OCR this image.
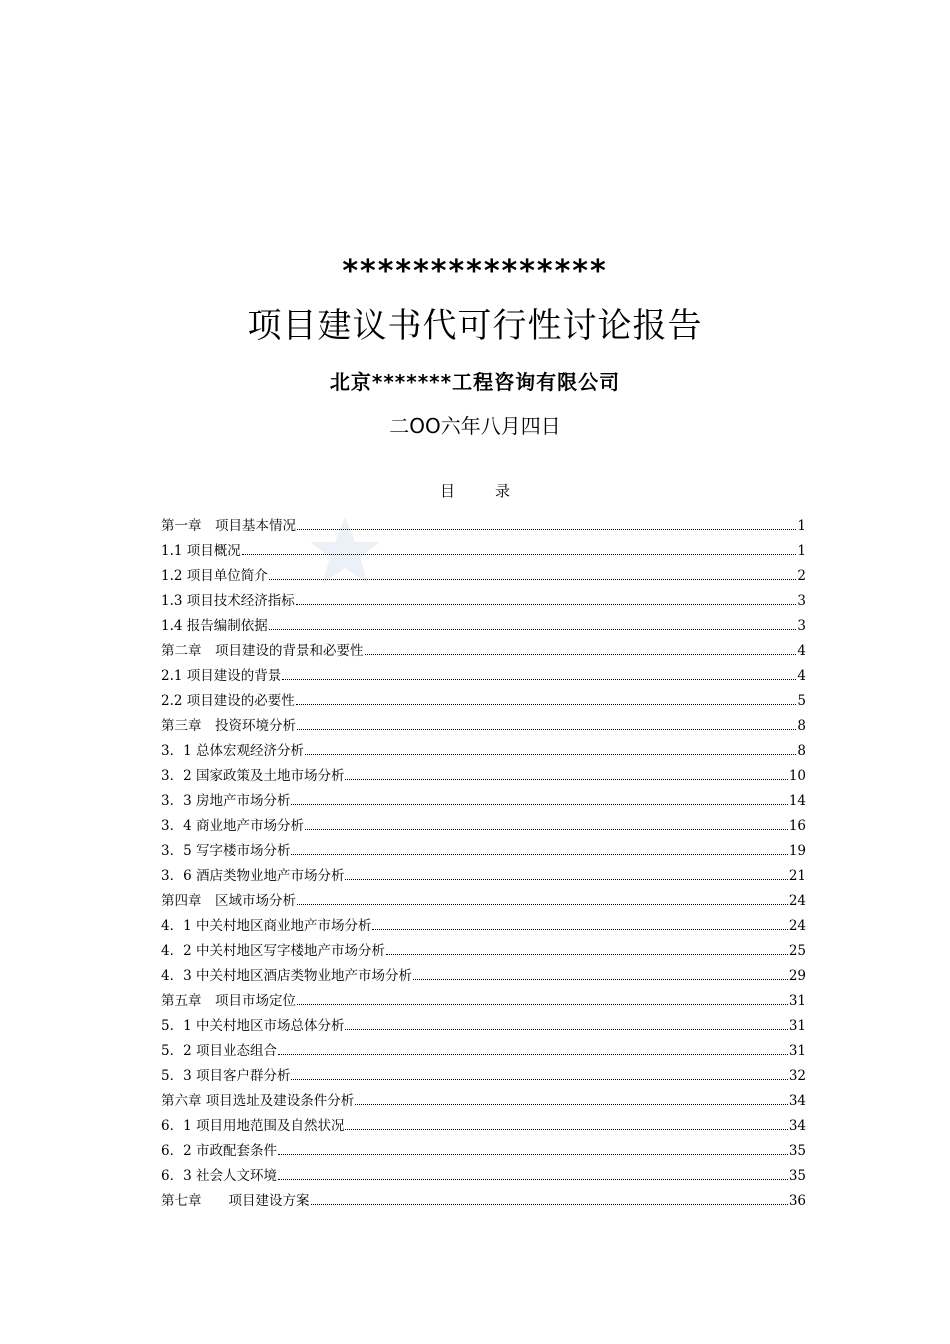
***************
项目建议书代可行性讨论报告
北京*******工程咨询有限公司
二OO六年八月四日
目录
第一章　项目基本情况	1
1.1 项目概况	1
1.2 项目单位简介	2
1.3 项目技术经济指标	3
1.4 报告编制依据	3
第二章　项目建设的背景和必要性	4
2.1 项目建设的背景	4
2.2 项目建设的必要性	5
第三章　投资环境分析	8
3．1 总体宏观经济分析	8
3．2 国家政策及土地市场分析	10
3．3 房地产市场分析	14
3．4 商业地产市场分析	16
3．5 写字楼市场分析	19
3．6 酒店类物业地产市场分析	21
第四章　区域市场分析	24
4．1 中关村地区商业地产市场分析	24
4．2 中关村地区写字楼地产市场分析	25
4．3 中关村地区酒店类物业地产市场分析	29
第五章　项目市场定位	31
5．1 中关村地区市场总体分析	31
5．2 项目业态组合	31
5．3 项目客户群分析	32
第六章 项目选址及建设条件分析	34
6．1 项目用地范围及自然状况	34
6．2 市政配套条件	35
6．3 社会人文环境	35
第七章　　项目建设方案	36
